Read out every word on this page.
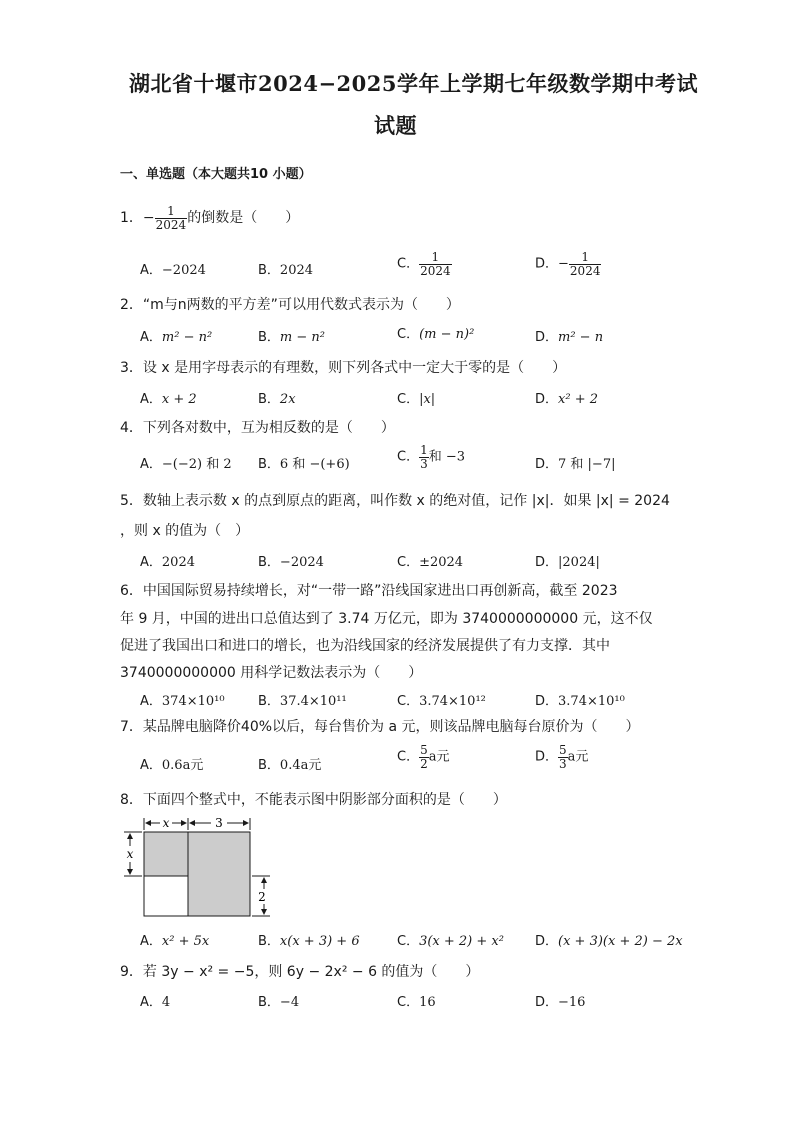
湖北省十堰市2024−2025学年上学期七年级数学期中考试
试题
一、单选题（本大题共10 小题）
1．− $\frac{1}{2024}$ 的倒数是（　　）
A．−2024	B．2024	C． $\frac{1}{2024}$	D．− $\frac{1}{2024}$
2．“m与n两数的平方差”可以用代数式表示为（　　）
A．m² − n²	B．m − n²	C．(m − n)²	D．m² − n
3．设 x 是用字母表示的有理数，则下列各式中一定大于零的是（　　）
A．x + 2	B．2x	C．|x|	D．x² + 2
4．下列各对数中，互为相反数的是（　　）
A．−(−2) 和 2 B．6 和 −(+6)	C． $\frac{1}{3}$ 和 −3	D．7 和 |−7|
5．数轴上表示数 x 的点到原点的距离，叫作数 x 的绝对值，记作 |x|．如果 |x| = 2024
，则 x 的值为（　）
A．2024	B．−2024	C．±2024	D．|2024|
6．中国国际贸易持续增长，对“一带一路”沿线国家进出口再创新高，截至 2023
年 9 月，中国的进出口总值达到了 3.74 万亿元，即为 3740000000000 元，这不仅
促进了我国出口和进口的增长，也为沿线国家的经济发展提供了有力支撑．其中
3740000000000 用科学记数法表示为（　　）
A．374×10¹⁰	B．37.4×10¹¹	C．3.74×10¹²	D．3.74×10¹⁰
7．某品牌电脑降价40%以后，每台售价为 a 元，则该品牌电脑每台原价为（　　）
A．0.6a元	B．0.4a元
C． $\frac{5}{2}$ a元	D． $\frac{5}{3}$ a元
8．下面四个整式中，不能表示图中阴影部分面积的是（　　）
x	3
x
2
A．x² + 5x	B．x(x + 3) + 6	C．3(x + 2) + x² D．(x + 3)(x + 2) − 2x
9．若 3y − x² = −5，则 6y − 2x² − 6 的值为（　　）
A．4	B．−4	C．16	D．−16
